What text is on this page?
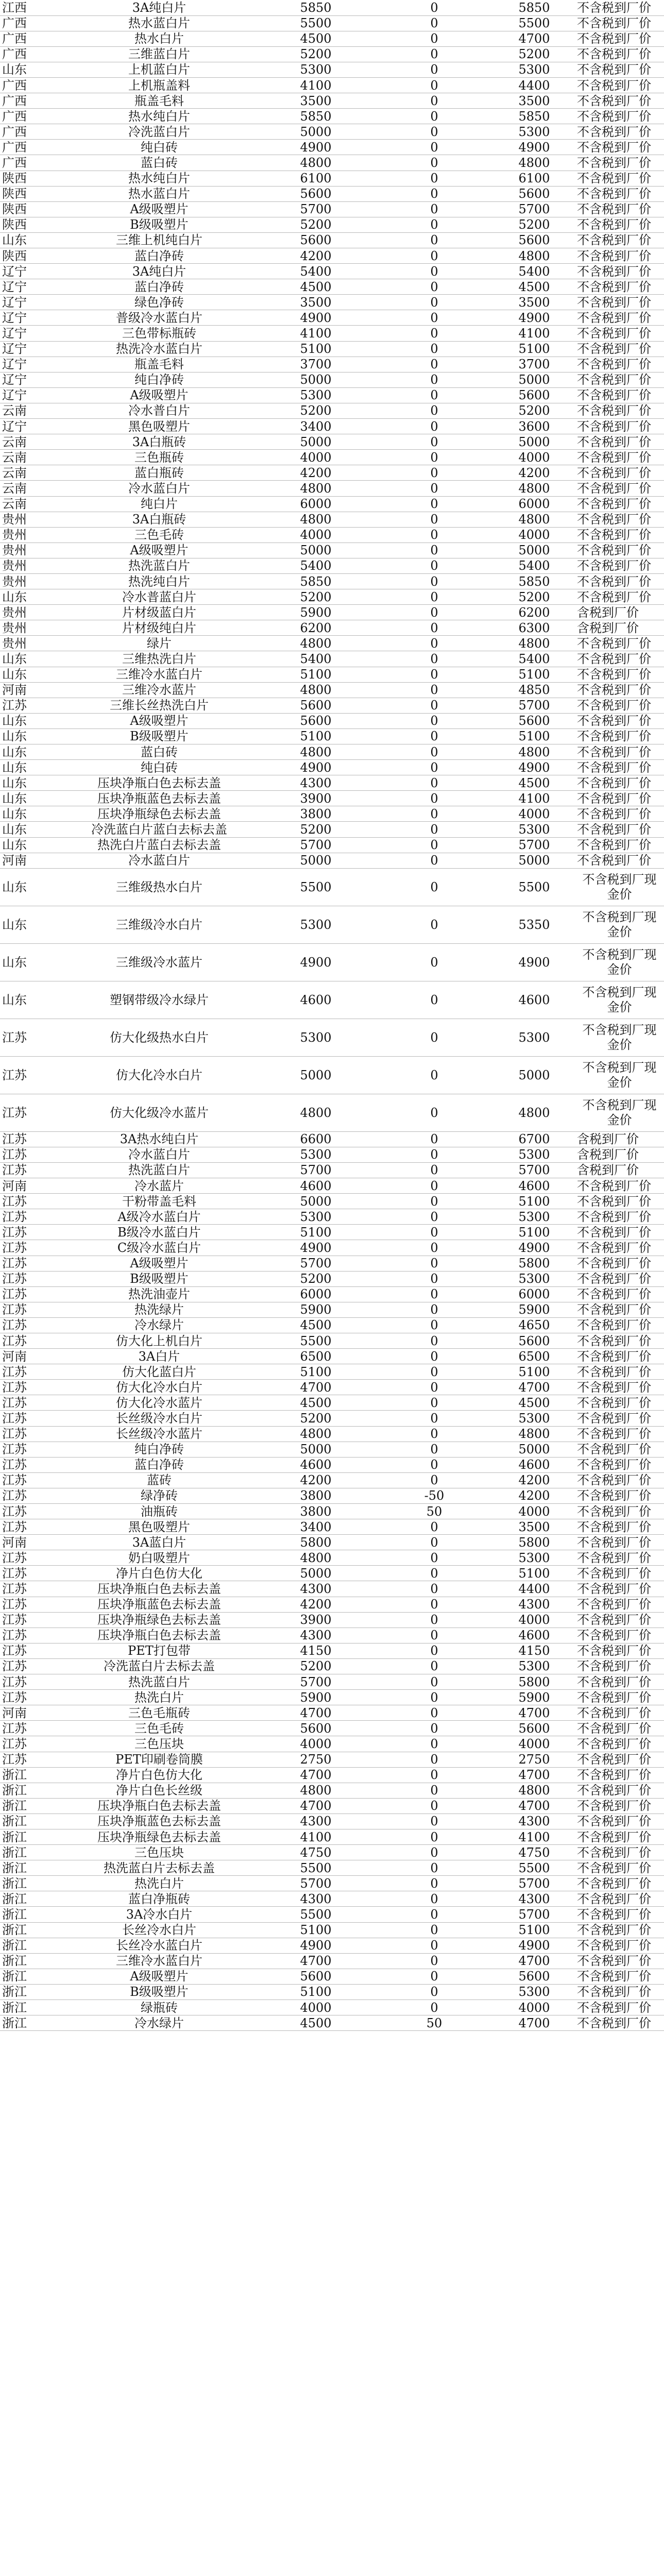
江西	3A纯白片	5850	0	5850	不含税到厂价
广西	热水蓝白片	5500	0	5500	不含税到厂价
广西	热水白片	4500	0	4700	不含税到厂价
广西	三维蓝白片	5200	0	5200	不含税到厂价
山东	上机蓝白片	5300	0	5300	不含税到厂价
广西	上机瓶盖料	4100	0	4400	不含税到厂价
广西	瓶盖毛料	3500	0	3500	不含税到厂价
广西	热水纯白片	5850	0	5850	不含税到厂价
广西	冷洗蓝白片	5000	0	5300	不含税到厂价
广西	纯白砖	4900	0	4900	不含税到厂价
广西	蓝白砖	4800	0	4800	不含税到厂价
陕西	热水纯白片	6100	0	6100	不含税到厂价
陕西	热水蓝白片	5600	0	5600	不含税到厂价
陕西	A级吸塑片	5700	0	5700	不含税到厂价
陕西	B级吸塑片	5200	0	5200	不含税到厂价
山东	三维上机纯白片	5600	0	5600	不含税到厂价
陕西	蓝白净砖	4200	0	4800	不含税到厂价
辽宁	3A纯白片	5400	0	5400	不含税到厂价
辽宁	蓝白净砖	4500	0	4500	不含税到厂价
辽宁	绿色净砖	3500	0	3500	不含税到厂价
辽宁	普级冷水蓝白片	4900	0	4900	不含税到厂价
辽宁	三色带标瓶砖	4100	0	4100	不含税到厂价
辽宁	热洗冷水蓝白片	5100	0	5100	不含税到厂价
辽宁	瓶盖毛料	3700	0	3700	不含税到厂价
辽宁	纯白净砖	5000	0	5000	不含税到厂价
辽宁	A级吸塑片	5300	0	5600	不含税到厂价
云南	冷水普白片	5200	0	5200	不含税到厂价
辽宁	黑色吸塑片	3400	0	3600	不含税到厂价
云南	3A白瓶砖	5000	0	5000	不含税到厂价
云南	三色瓶砖	4000	0	4000	不含税到厂价
云南	蓝白瓶砖	4200	0	4200	不含税到厂价
云南	冷水蓝白片	4800	0	4800	不含税到厂价
云南	纯白片	6000	0	6000	不含税到厂价
贵州	3A白瓶砖	4800	0	4800	不含税到厂价
贵州	三色毛砖	4000	0	4000	不含税到厂价
贵州	A级吸塑片	5000	0	5000	不含税到厂价
贵州	热洗蓝白片	5400	0	5400	不含税到厂价
贵州	热洗纯白片	5850	0	5850	不含税到厂价
山东	冷水普蓝白片	5200	0	5200	不含税到厂价
贵州	片材级蓝白片	5900	0	6200	含税到厂价
贵州	片材级纯白片	6200	0	6300	含税到厂价
贵州	绿片	4800	0	4800	不含税到厂价
山东	三维热洗白片	5400	0	5400	不含税到厂价
山东	三维冷水蓝白片	5100	0	5100	不含税到厂价
河南	三维冷水蓝片	4800	0	4850	不含税到厂价
江苏	三维长丝热洗白片	5600	0	5700	不含税到厂价
山东	A级吸塑片	5600	0	5600	不含税到厂价
山东	B级吸塑片	5100	0	5100	不含税到厂价
山东	蓝白砖	4800	0	4800	不含税到厂价
山东	纯白砖	4900	0	4900	不含税到厂价
山东	压块净瓶白色去标去盖	4300	0	4500	不含税到厂价
山东	压块净瓶蓝色去标去盖	3900	0	4100	不含税到厂价
山东	压块净瓶绿色去标去盖	3800	0	4000	不含税到厂价
山东	冷洗蓝白片蓝白去标去盖	5200	0	5300	不含税到厂价
山东	热洗白片蓝白去标去盖	5700	0	5700	不含税到厂价
河南	冷水蓝白片	5000	0	5000	不含税到厂价
山东	三维级热水白片	5500	0	5500	不含税到厂现金价
山东	三维级冷水白片	5300	0	5350	不含税到厂现金价
山东	三维级冷水蓝片	4900	0	4900	不含税到厂现金价
山东	塑钢带级冷水绿片	4600	0	4600	不含税到厂现金价
江苏	仿大化级热水白片	5300	0	5300	不含税到厂现金价
江苏	仿大化冷水白片	5000	0	5000	不含税到厂现金价
江苏	仿大化级冷水蓝片	4800	0	4800	不含税到厂现金价
江苏	3A热水纯白片	6600	0	6700	含税到厂价
江苏	冷水蓝白片	5300	0	5300	含税到厂价
江苏	热洗蓝白片	5700	0	5700	含税到厂价
河南	冷水蓝片	4600	0	4600	不含税到厂价
江苏	干粉带盖毛料	5000	0	5100	不含税到厂价
江苏	A级冷水蓝白片	5300	0	5300	不含税到厂价
江苏	B级冷水蓝白片	5100	0	5100	不含税到厂价
江苏	C级冷水蓝白片	4900	0	4900	不含税到厂价
江苏	A级吸塑片	5700	0	5800	不含税到厂价
江苏	B级吸塑片	5200	0	5300	不含税到厂价
江苏	热洗油壶片	6000	0	6000	不含税到厂价
江苏	热洗绿片	5900	0	5900	不含税到厂价
江苏	冷水绿片	4500	0	4650	不含税到厂价
江苏	仿大化上机白片	5500	0	5600	不含税到厂价
河南	3A白片	6500	0	6500	不含税到厂价
江苏	仿大化蓝白片	5100	0	5100	不含税到厂价
江苏	仿大化冷水白片	4700	0	4700	不含税到厂价
江苏	仿大化冷水蓝片	4500	0	4500	不含税到厂价
江苏	长丝级冷水白片	5200	0	5300	不含税到厂价
江苏	长丝级冷水蓝片	4800	0	4800	不含税到厂价
江苏	纯白净砖	5000	0	5000	不含税到厂价
江苏	蓝白净砖	4600	0	4600	不含税到厂价
江苏	蓝砖	4200	0	4200	不含税到厂价
江苏	绿净砖	3800	-50	4200	不含税到厂价
江苏	油瓶砖	3800	50	4000	不含税到厂价
江苏	黑色吸塑片	3400	0	3500	不含税到厂价
河南	3A蓝白片	5800	0	5800	不含税到厂价
江苏	奶白吸塑片	4800	0	5300	不含税到厂价
江苏	净片白色仿大化	5000	0	5100	不含税到厂价
江苏	压块净瓶白色去标去盖	4300	0	4400	不含税到厂价
江苏	压块净瓶蓝色去标去盖	4200	0	4300	不含税到厂价
江苏	压块净瓶绿色去标去盖	3900	0	4000	不含税到厂价
江苏	压块净瓶白色去标去盖	4300	0	4600	不含税到厂价
江苏	PET打包带	4150	0	4150	不含税到厂价
江苏	冷洗蓝白片去标去盖	5200	0	5300	不含税到厂价
江苏	热洗蓝白片	5700	0	5800	不含税到厂价
江苏	热洗白片	5900	0	5900	不含税到厂价
河南	三色毛瓶砖	4700	0	4700	不含税到厂价
江苏	三色毛砖	5600	0	5600	不含税到厂价
江苏	三色压块	4000	0	4000	不含税到厂价
江苏	PET印刷卷筒膜	2750	0	2750	不含税到厂价
浙江	净片白色仿大化	4700	0	4700	不含税到厂价
浙江	净片白色长丝级	4800	0	4800	不含税到厂价
浙江	压块净瓶白色去标去盖	4700	0	4700	不含税到厂价
浙江	压块净瓶蓝色去标去盖	4300	0	4300	不含税到厂价
浙江	压块净瓶绿色去标去盖	4100	0	4100	不含税到厂价
浙江	三色压块	4750	0	4750	不含税到厂价
浙江	热洗蓝白片去标去盖	5500	0	5500	不含税到厂价
浙江	热洗白片	5700	0	5700	不含税到厂价
浙江	蓝白净瓶砖	4300	0	4300	不含税到厂价
浙江	3A冷水白片	5500	0	5700	不含税到厂价
浙江	长丝冷水白片	5100	0	5100	不含税到厂价
浙江	长丝冷水蓝白片	4900	0	4900	不含税到厂价
浙江	三维冷水蓝白片	4700	0	4700	不含税到厂价
浙江	A级吸塑片	5600	0	5600	不含税到厂价
浙江	B级吸塑片	5100	0	5300	不含税到厂价
浙江	绿瓶砖	4000	0	4000	不含税到厂价
浙江	冷水绿片	4500	50	4700	不含税到厂价
